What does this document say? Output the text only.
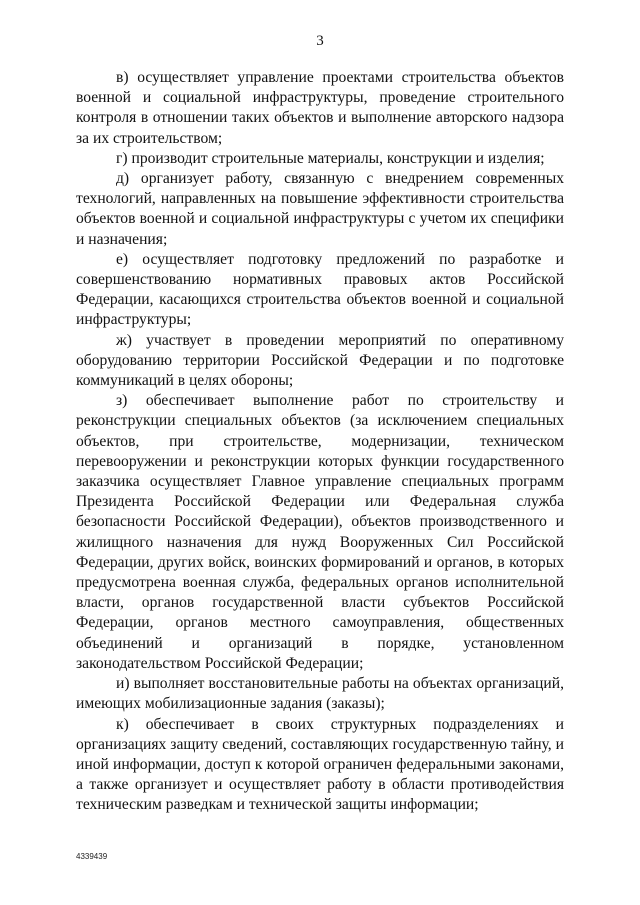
3

в) осуществляет управление проектами строительства объектов военной и социальной инфраструктуры, проведение строительного контроля в отношении таких объектов и выполнение авторского надзора за их строительством;

г) производит строительные материалы, конструкции и изделия;

д) организует работу, связанную с внедрением современных технологий, направленных на повышение эффективности строительства объектов военной и социальной инфраструктуры с учетом их специфики и назначения;

е) осуществляет подготовку предложений по разработке и совершенствованию нормативных правовых актов Российской Федерации, касающихся строительства объектов военной и социальной инфраструктуры;

ж) участвует в проведении мероприятий по оперативному оборудованию территории Российской Федерации и по подготовке коммуникаций в целях обороны;

з) обеспечивает выполнение работ по строительству и реконструкции специальных объектов (за исключением специальных объектов, при строительстве, модернизации, техническом перевооружении и реконструкции которых функции государственного заказчика осуществляет Главное управление специальных программ Президента Российской Федерации или Федеральная служба безопасности Российской Федерации), объектов производственного и жилищного назначения для нужд Вооруженных Сил Российской Федерации, других войск, воинских формирований и органов, в которых предусмотрена военная служба, федеральных органов исполнительной власти, органов государственной власти субъектов Российской Федерации, органов местного самоуправления, общественных объединений и организаций в порядке, установленном законодательством Российской Федерации;

и) выполняет восстановительные работы на объектах организаций, имеющих мобилизационные задания (заказы);

к) обеспечивает в своих структурных подразделениях и организациях защиту сведений, составляющих государственную тайну, и иной информации, доступ к которой ограничен федеральными законами, а также организует и осуществляет работу в области противодействия техническим разведкам и технической защиты информации;

4339439
